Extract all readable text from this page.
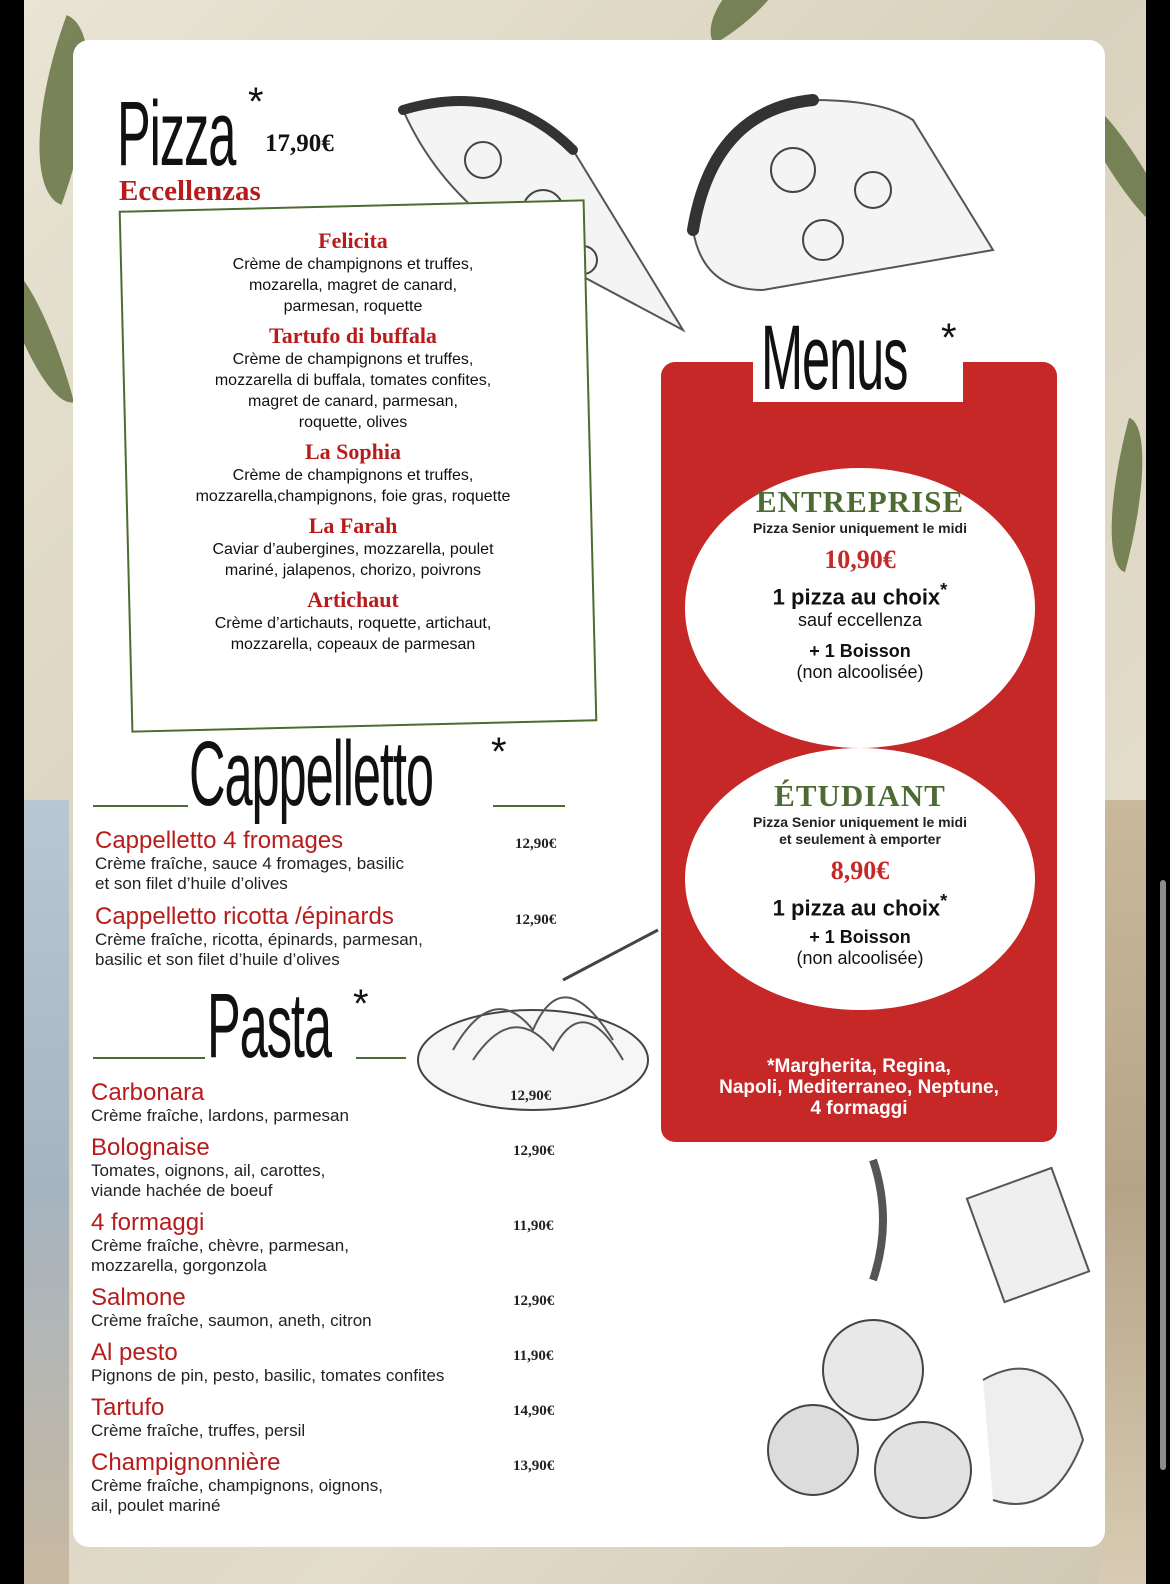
Pizza *
17,90€
Eccellenzas
Felicita
Crème de champignons et truffes,
mozarella, magret de canard,
parmesan, roquette
Tartufo di buffala
Crème de champignons et truffes,
mozzarella di buffala, tomates confites,
magret de canard, parmesan,
roquette, olives
La Sophia
Crème de champignons et truffes,
mozzarella,champignons, foie gras, roquette
La Farah
Caviar d’aubergines, mozzarella, poulet
mariné, jalapenos, chorizo, poivrons
Artichaut
Crème d’artichauts, roquette, artichaut,
mozzarella, copeaux de parmesan
Cappelletto *
Cappelletto 4 fromages
Crème fraîche, sauce 4 fromages, basilic
et son filet d’huile d’olives
12,90€
Cappelletto ricotta /épinards
Crème fraîche, ricotta, épinards, parmesan,
basilic et son filet d’huile d’olives
12,90€
Pasta *
Carbonara
Crème fraîche, lardons, parmesan
12,90€
Bolognaise
Tomates, oignons, ail, carottes,
viande hachée de boeuf
12,90€
4 formaggi
Crème fraîche, chèvre, parmesan,
mozzarella, gorgonzola
11,90€
Salmone
Crème fraîche, saumon, aneth, citron
12,90€
Al pesto
Pignons de pin, pesto, basilic, tomates confites
11,90€
Tartufo
Crème fraîche, truffes, persil
14,90€
Champignonnière
Crème fraîche, champignons, oignons,
ail, poulet mariné
13,90€
Menus *
ENTREPRISE
Pizza Senior uniquement le midi
10,90€
1 pizza au choix*
sauf eccellenza
+ 1 Boisson
(non alcoolisée)
ÉTUDIANT
Pizza Senior uniquement le midi
et seulement à emporter
8,90€
1 pizza au choix*
+ 1 Boisson
(non alcoolisée)
*Margherita, Regina,
Napoli, Mediterraneo, Neptune,
4 formaggi
